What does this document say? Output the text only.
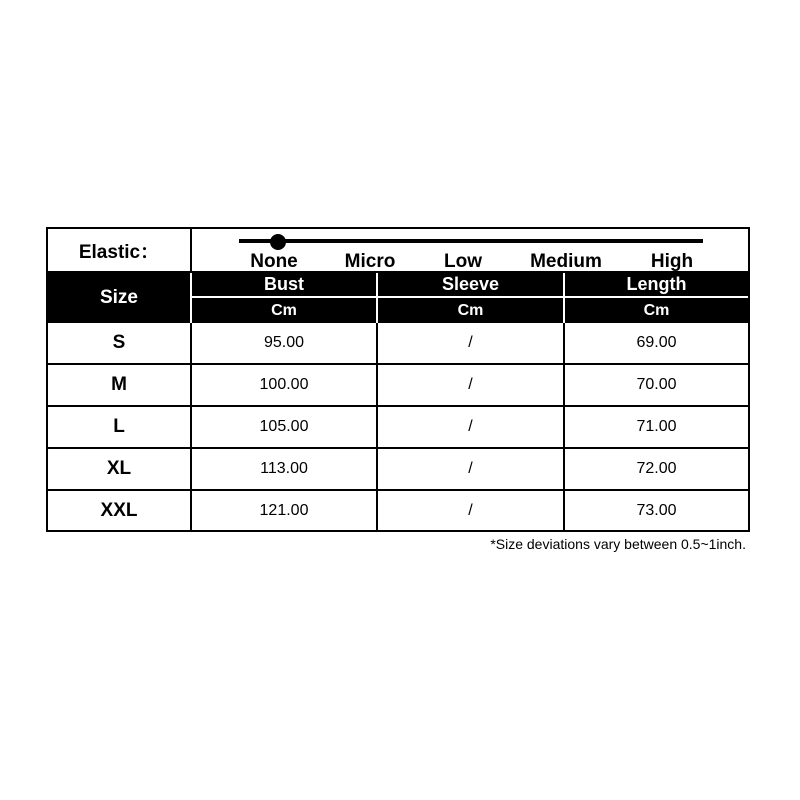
Elastic：	None Micro	Low	Medium	High
Size
Bust	Sleeve	Length
Cm	Cm	Cm
S	95.00	/	69.00
M	100.00	/	70.00
L	105.00	/	71.00
XL	113.00	/	72.00
XXL	121.00	/	73.00
*Size deviations vary between 0.5~1inch.
